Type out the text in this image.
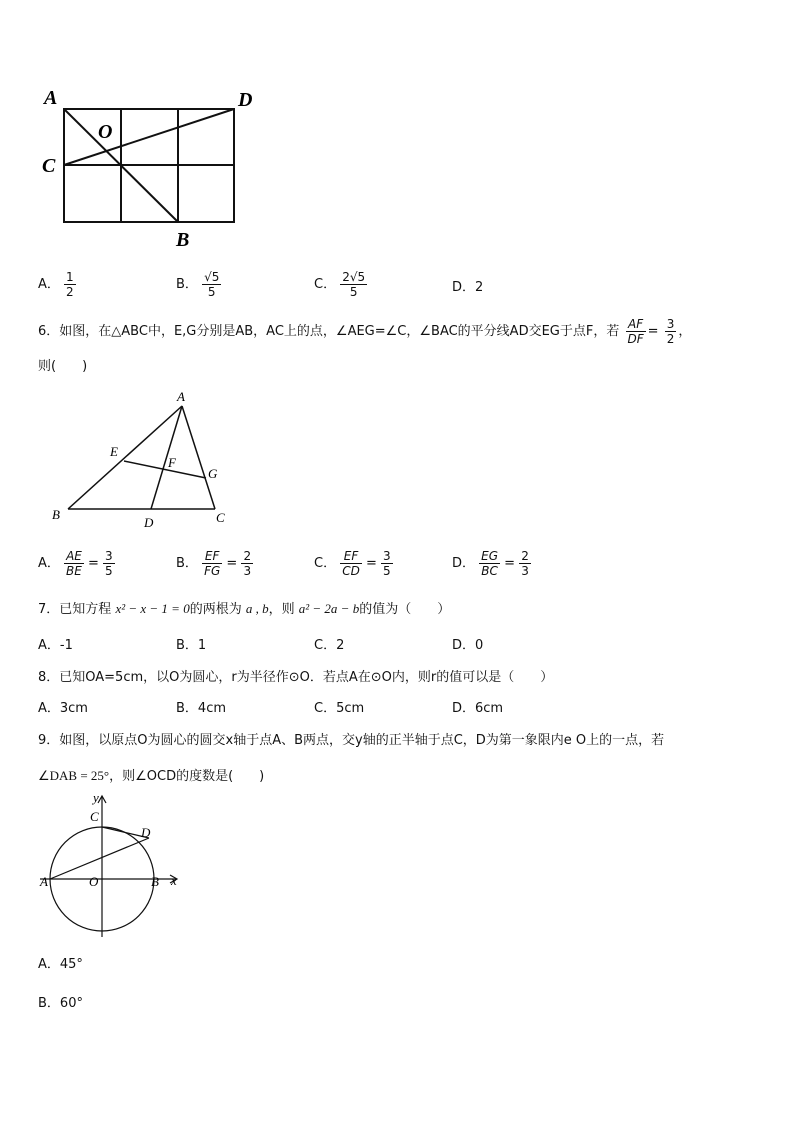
A	D
O
C
B
A． $\frac{1}{2}$	B． $\frac{√5}{5}$	C． $\frac{2√5}{5}$	D．2
6．如图，在△ABC中，E,G分别是AB，AC上的点，∠AEG=∠C，∠BAC的平分线AD交EG于点F，若 $\frac{AF}{DF} = \frac{3}{2}$ ，
则(　　)
A
E
F
G
B
D	C
A． $\frac{AE}{BE} = \frac{3}{5}$	B． $\frac{EF}{FG} = \frac{2}{3}$	C． $\frac{EF}{CD} = \frac{3}{5}$	D． $\frac{EG}{BC} = \frac{2}{3}$
7．已知方程 x² − x − 1 = 0的两根为 a , b，则 a² − 2a − b的值为（　　）
A．-1	B．1	C．2	D．0
8．已知OA=5cm，以O为圆心，r为半径作⊙O．若点A在⊙O内，则r的值可以是（　　）
A．3cm	B．4cm	C．5cm	D．6cm
9．如图，以原点O为圆心的圆交x轴于点A、B两点，交y轴的正半轴于点C，D为第一象限内e O上的一点，若
∠DAB = 25°，则∠OCD的度数是(　　)
y
C
D
A	O	B x
A．45°
B．60°
